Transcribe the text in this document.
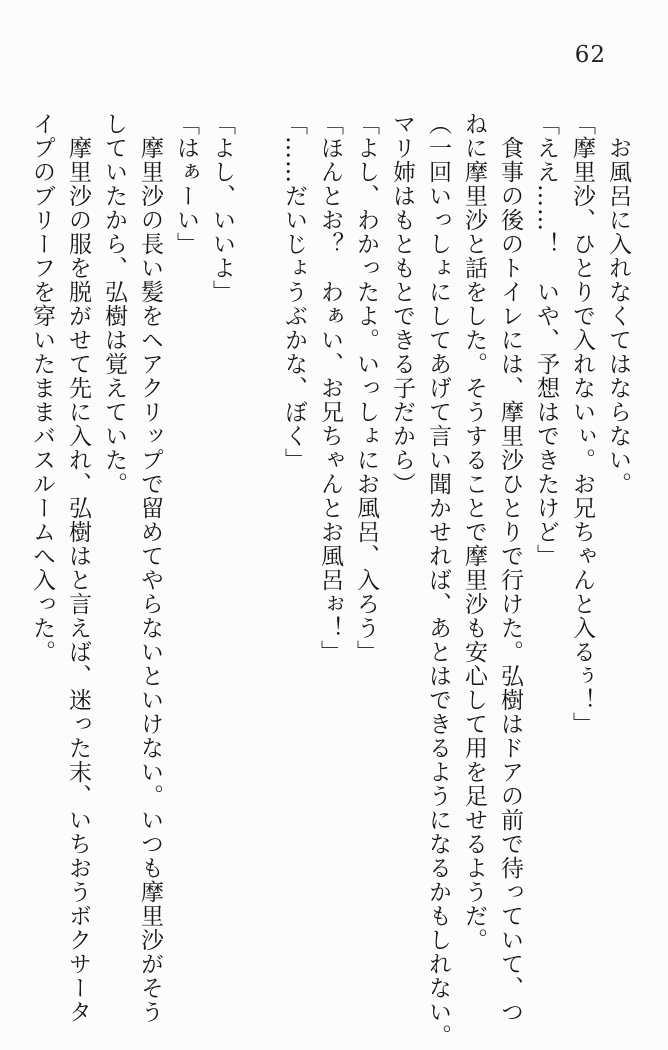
62

　お風呂に入れなくてはならない。

「摩里沙、ひとりで入れないぃ。お兄ちゃんと入るぅ！」

「ええ……！　いや、予想はできたけど」

　食事の後のトイレには、摩里沙ひとりで行けた。弘樹はドアの前で待っていて、つ

ねに摩里沙と話をした。そうすることで摩里沙も安心して用を足せるようだ。

（一回いっしょにしてあげて言い聞かせれば、あとはできるようになるかもしれない。

マリ姉はもともとできる子だから）

「よし、わかったよ。いっしょにお風呂、入ろう」

「ほんとお？　わぁい、お兄ちゃんとお風呂ぉ！」

「……だいじょうぶかな、ぼく」

「よし、いいよ」

「はぁーい」

　摩里沙の長い髪をヘアクリップで留めてやらないといけない。いつも摩里沙がそう

していたから、弘樹は覚えていた。

　摩里沙の服を脱がせて先に入れ、弘樹はと言えば、迷った末、いちおうボクサータ

イプのブリーフを穿いたままバスルームへ入った。
